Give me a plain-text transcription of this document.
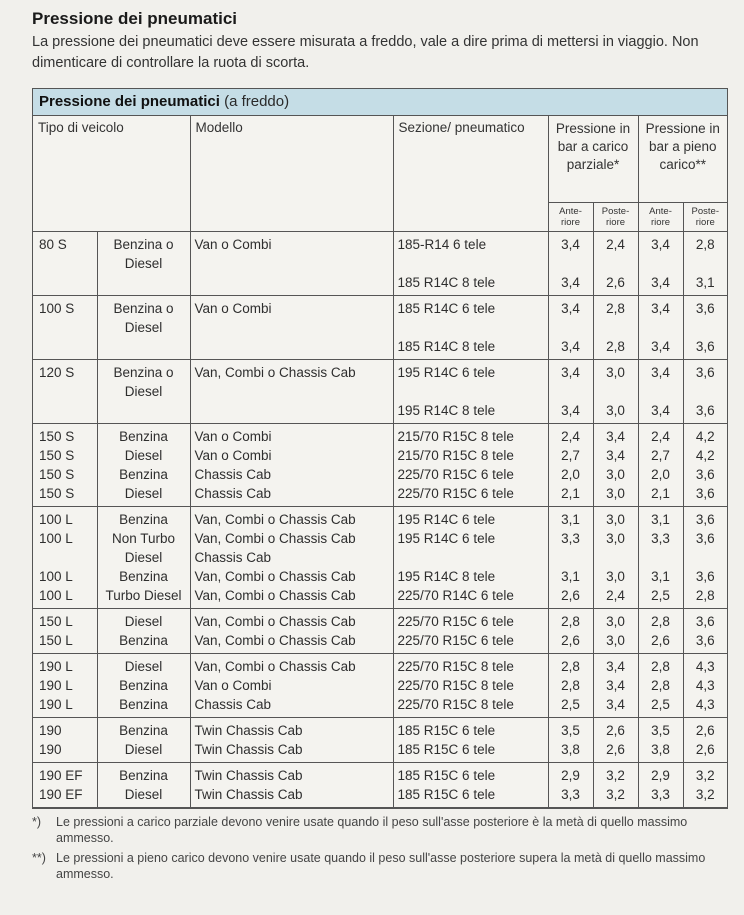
Pressione dei pneumatici
La pressione dei pneumatici deve essere misurata a freddo, vale a dire prima di mettersi in viaggio. Non dimenticare di controllare la ruota di scorta.
Pressione dei pneumatici (a freddo)
Tipo di veicolo		Modello	Sezione/ pneumatico	Pressione in bar a carico parziale*		Pressione in bar a pieno carico**	
				Ante- riore	Poste- riore	Ante- riore	Poste- riore
80 S	Benzina o Diesel	Van o Combi	185-R14 6 tele	3,4	2,4	3,4	2,8
			185 R14C 8 tele	3,4	2,6	3,4	3,1
100 S	Benzina o Diesel	Van o Combi	185 R14C 6 tele	3,4	2,8	3,4	3,6
			185 R14C 8 tele	3,4	2,8	3,4	3,6
120 S	Benzina o Diesel	Van, Combi o Chassis Cab	195 R14C 6 tele	3,4	3,0	3,4	3,6
			195 R14C 8 tele	3,4	3,0	3,4	3,6
150 S	Benzina	Van o Combi	215/70 R15C 8 tele	2,4	3,4	2,4	4,2
150 S	Diesel	Van o Combi	215/70 R15C 8 tele	2,7	3,4	2,7	4,2
150 S	Benzina	Chassis Cab	225/70 R15C 6 tele	2,0	3,0	2,0	3,6
150 S	Diesel	Chassis Cab	225/70 R15C 6 tele	2,1	3,0	2,1	3,6
100 L	Benzina	Van, Combi o Chassis Cab	195 R14C 6 tele	3,1	3,0	3,1	3,6
100 L	Non Turbo Diesel	Van, Combi o Chassis Cab Chassis Cab	195 R14C 6 tele	3,3	3,0	3,3	3,6
100 L	Benzina	Van, Combi o Chassis Cab	195 R14C 8 tele	3,1	3,0	3,1	3,6
100 L	Turbo Diesel	Van, Combi o Chassis Cab	225/70 R14C 6 tele	2,6	2,4	2,5	2,8
150 L	Diesel	Van, Combi o Chassis Cab	225/70 R15C 6 tele	2,8	3,0	2,8	3,6
150 L	Benzina	Van, Combi o Chassis Cab	225/70 R15C 6 tele	2,6	3,0	2,6	3,6
190 L	Diesel	Van, Combi o Chassis Cab	225/70 R15C 8 tele	2,8	3,4	2,8	4,3
190 L	Benzina	Van o Combi	225/70 R15C 8 tele	2,8	3,4	2,8	4,3
190 L	Benzina	Chassis Cab	225/70 R15C 8 tele	2,5	3,4	2,5	4,3
190	Benzina	Twin Chassis Cab	185 R15C 6 tele	3,5	2,6	3,5	2,6
190	Diesel	Twin Chassis Cab	185 R15C 6 tele	3,8	2,6	3,8	2,6
190 EF	Benzina	Twin Chassis Cab	185 R15C 6 tele	2,9	3,2	2,9	3,2
190 EF	Diesel	Twin Chassis Cab	185 R15C 6 tele	3,3	3,2	3,3	3,2
*)	Le pressioni a carico parziale devono venire usate quando il peso sull'asse posteriore è la metà di quello massimo ammesso.
**) Le pressioni a pieno carico devono venire usate quando il peso sull'asse posteriore supera la metà di quello massimo ammesso.
